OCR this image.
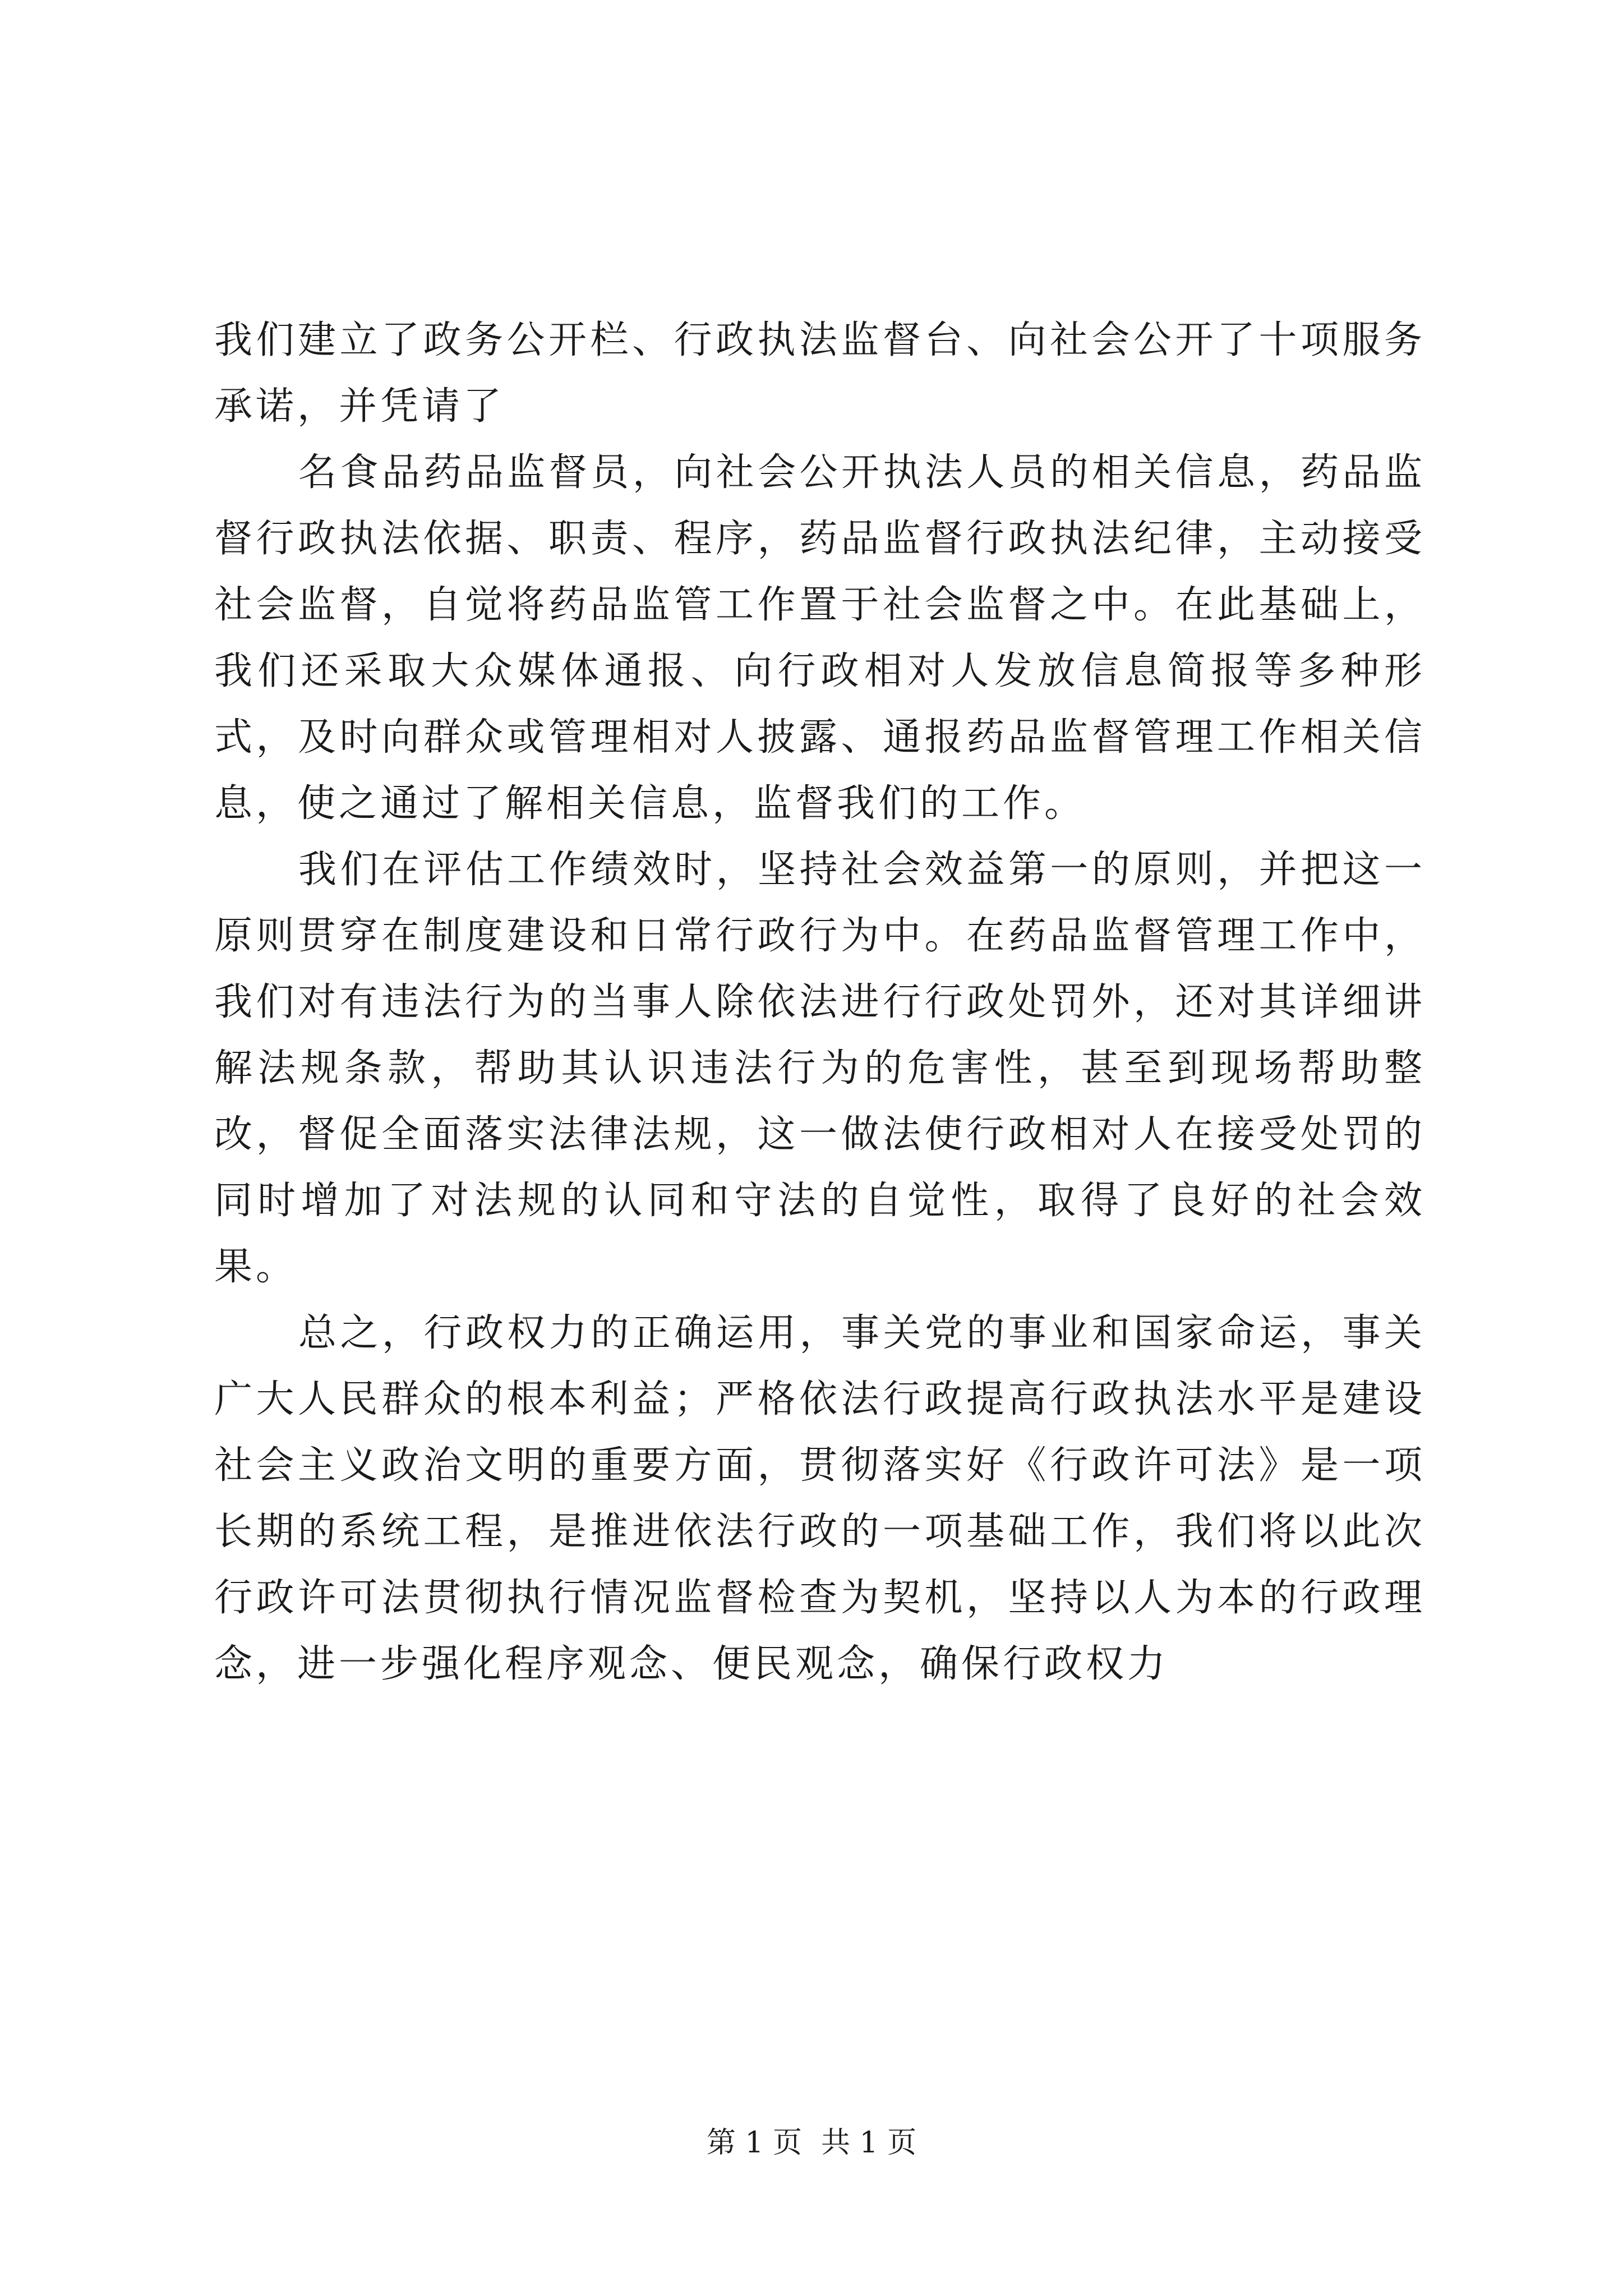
我们建立了政务公开栏、行政执法监督台、向社会公开了十项服务承诺，并凭请了

名食品药品监督员，向社会公开执法人员的相关信息，药品监督行政执法依据、职责、程序，药品监督行政执法纪律，主动接受社会监督，自觉将药品监管工作置于社会监督之中。在此基础上，我们还采取大众媒体通报、向行政相对人发放信息简报等多种形式，及时向群众或管理相对人披露、通报药品监督管理工作相关信息，使之通过了解相关信息，监督我们的工作。

我们在评估工作绩效时，坚持社会效益第一的原则，并把这一原则贯穿在制度建设和日常行政行为中。在药品监督管理工作中，我们对有违法行为的当事人除依法进行行政处罚外，还对其详细讲解法规条款，帮助其认识违法行为的危害性，甚至到现场帮助整改，督促全面落实法律法规，这一做法使行政相对人在接受处罚的同时增加了对法规的认同和守法的自觉性，取得了良好的社会效果。

总之，行政权力的正确运用，事关党的事业和国家命运，事关广大人民群众的根本利益；严格依法行政提高行政执法水平是建设社会主义政治文明的重要方面，贯彻落实好《行政许可法》是一项长期的系统工程，是推进依法行政的一项基础工作，我们将以此次行政许可法贯彻执行情况监督检查为契机，坚持以人为本的行政理念，进一步强化程序观念、便民观念，确保行政权力

第 1 页 共 1 页
